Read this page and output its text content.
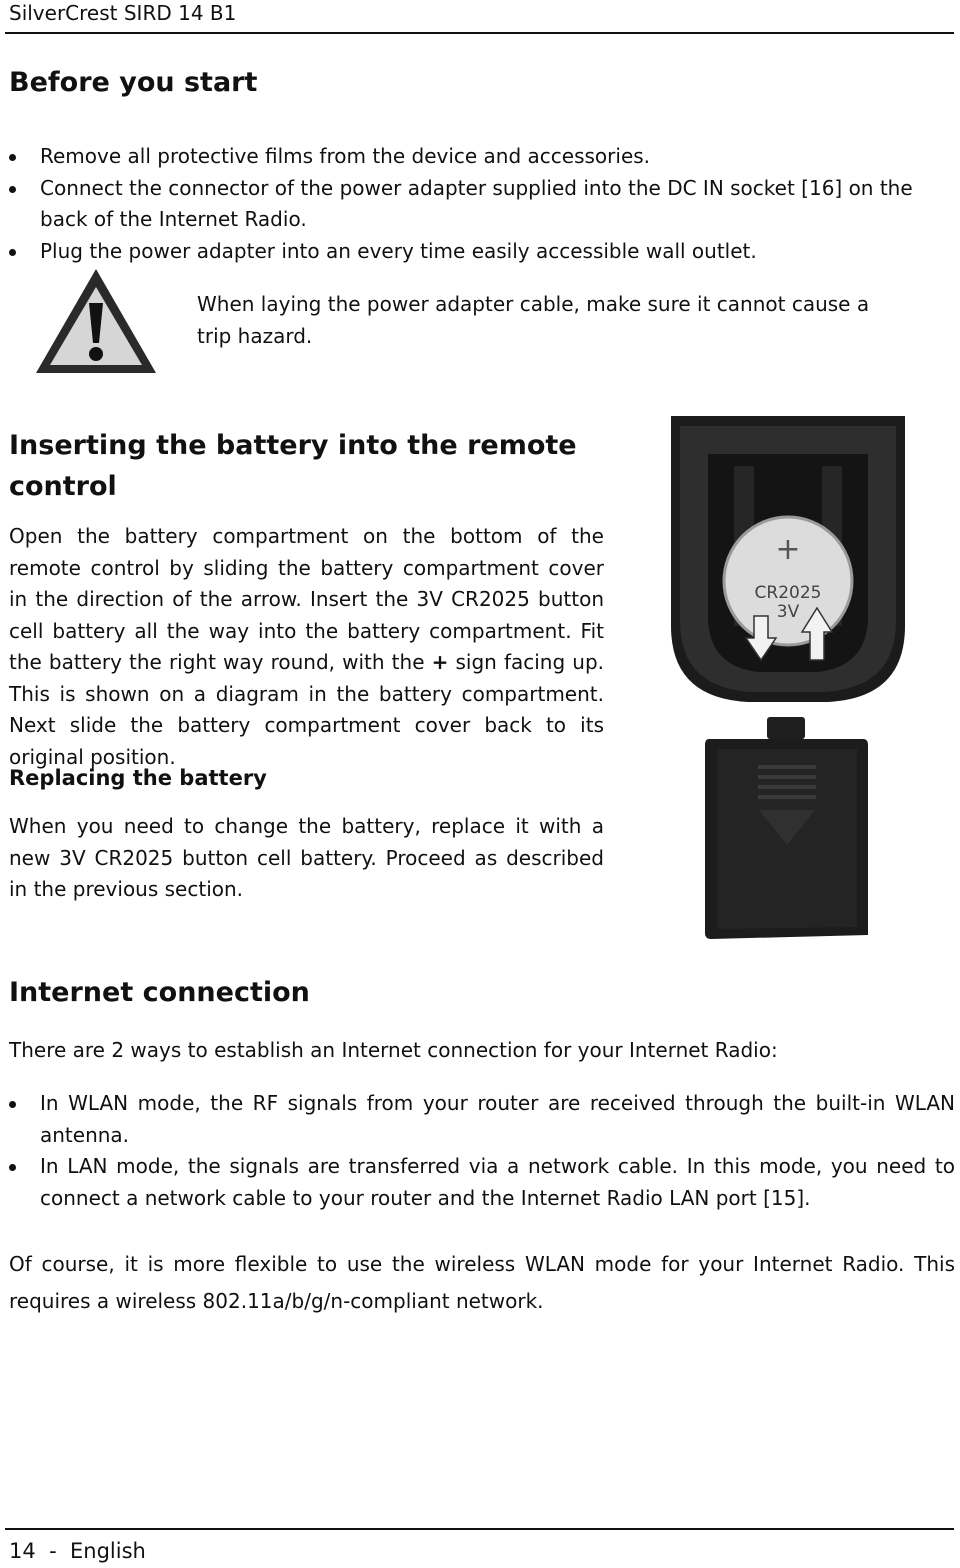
SilverCrest SIRD 14 B1
Before you start
Remove all protective films from the device and accessories.
Connect the connector of the power adapter supplied into the DC IN socket [16] on the back of the Internet Radio.
Plug the power adapter into an every time easily accessible wall outlet.
When laying the power adapter cable, make sure it cannot cause a trip hazard.
Inserting the battery into the remote control

Open the battery compartment on the bottom of the remote control by sliding the battery compartment cover in the direction of the arrow. Insert the 3V CR2025 button cell battery all the way into the battery compartment. Fit the battery the right way round, with the + sign facing up. This is shown on a diagram in the battery compartment. Next slide the battery compartment cover back to its original position.

Replacing the battery

When you need to change the battery, replace it with a new 3V CR2025 button cell battery. Proceed as described in the previous section.

+
CR2025
3V
Internet connection

There are 2 ways to establish an Internet connection for your Internet Radio:

In WLAN mode, the RF signals from your router are received through the built-in WLAN antenna.
In LAN mode, the signals are transferred via a network cable. In this mode, you need to connect a network cable to your router and the Internet Radio LAN port [15].

Of course, it is more flexible to use the wireless WLAN mode for your Internet Radio. This requires a wireless 802.11a/b/g/n-compliant network.

14  -  English
